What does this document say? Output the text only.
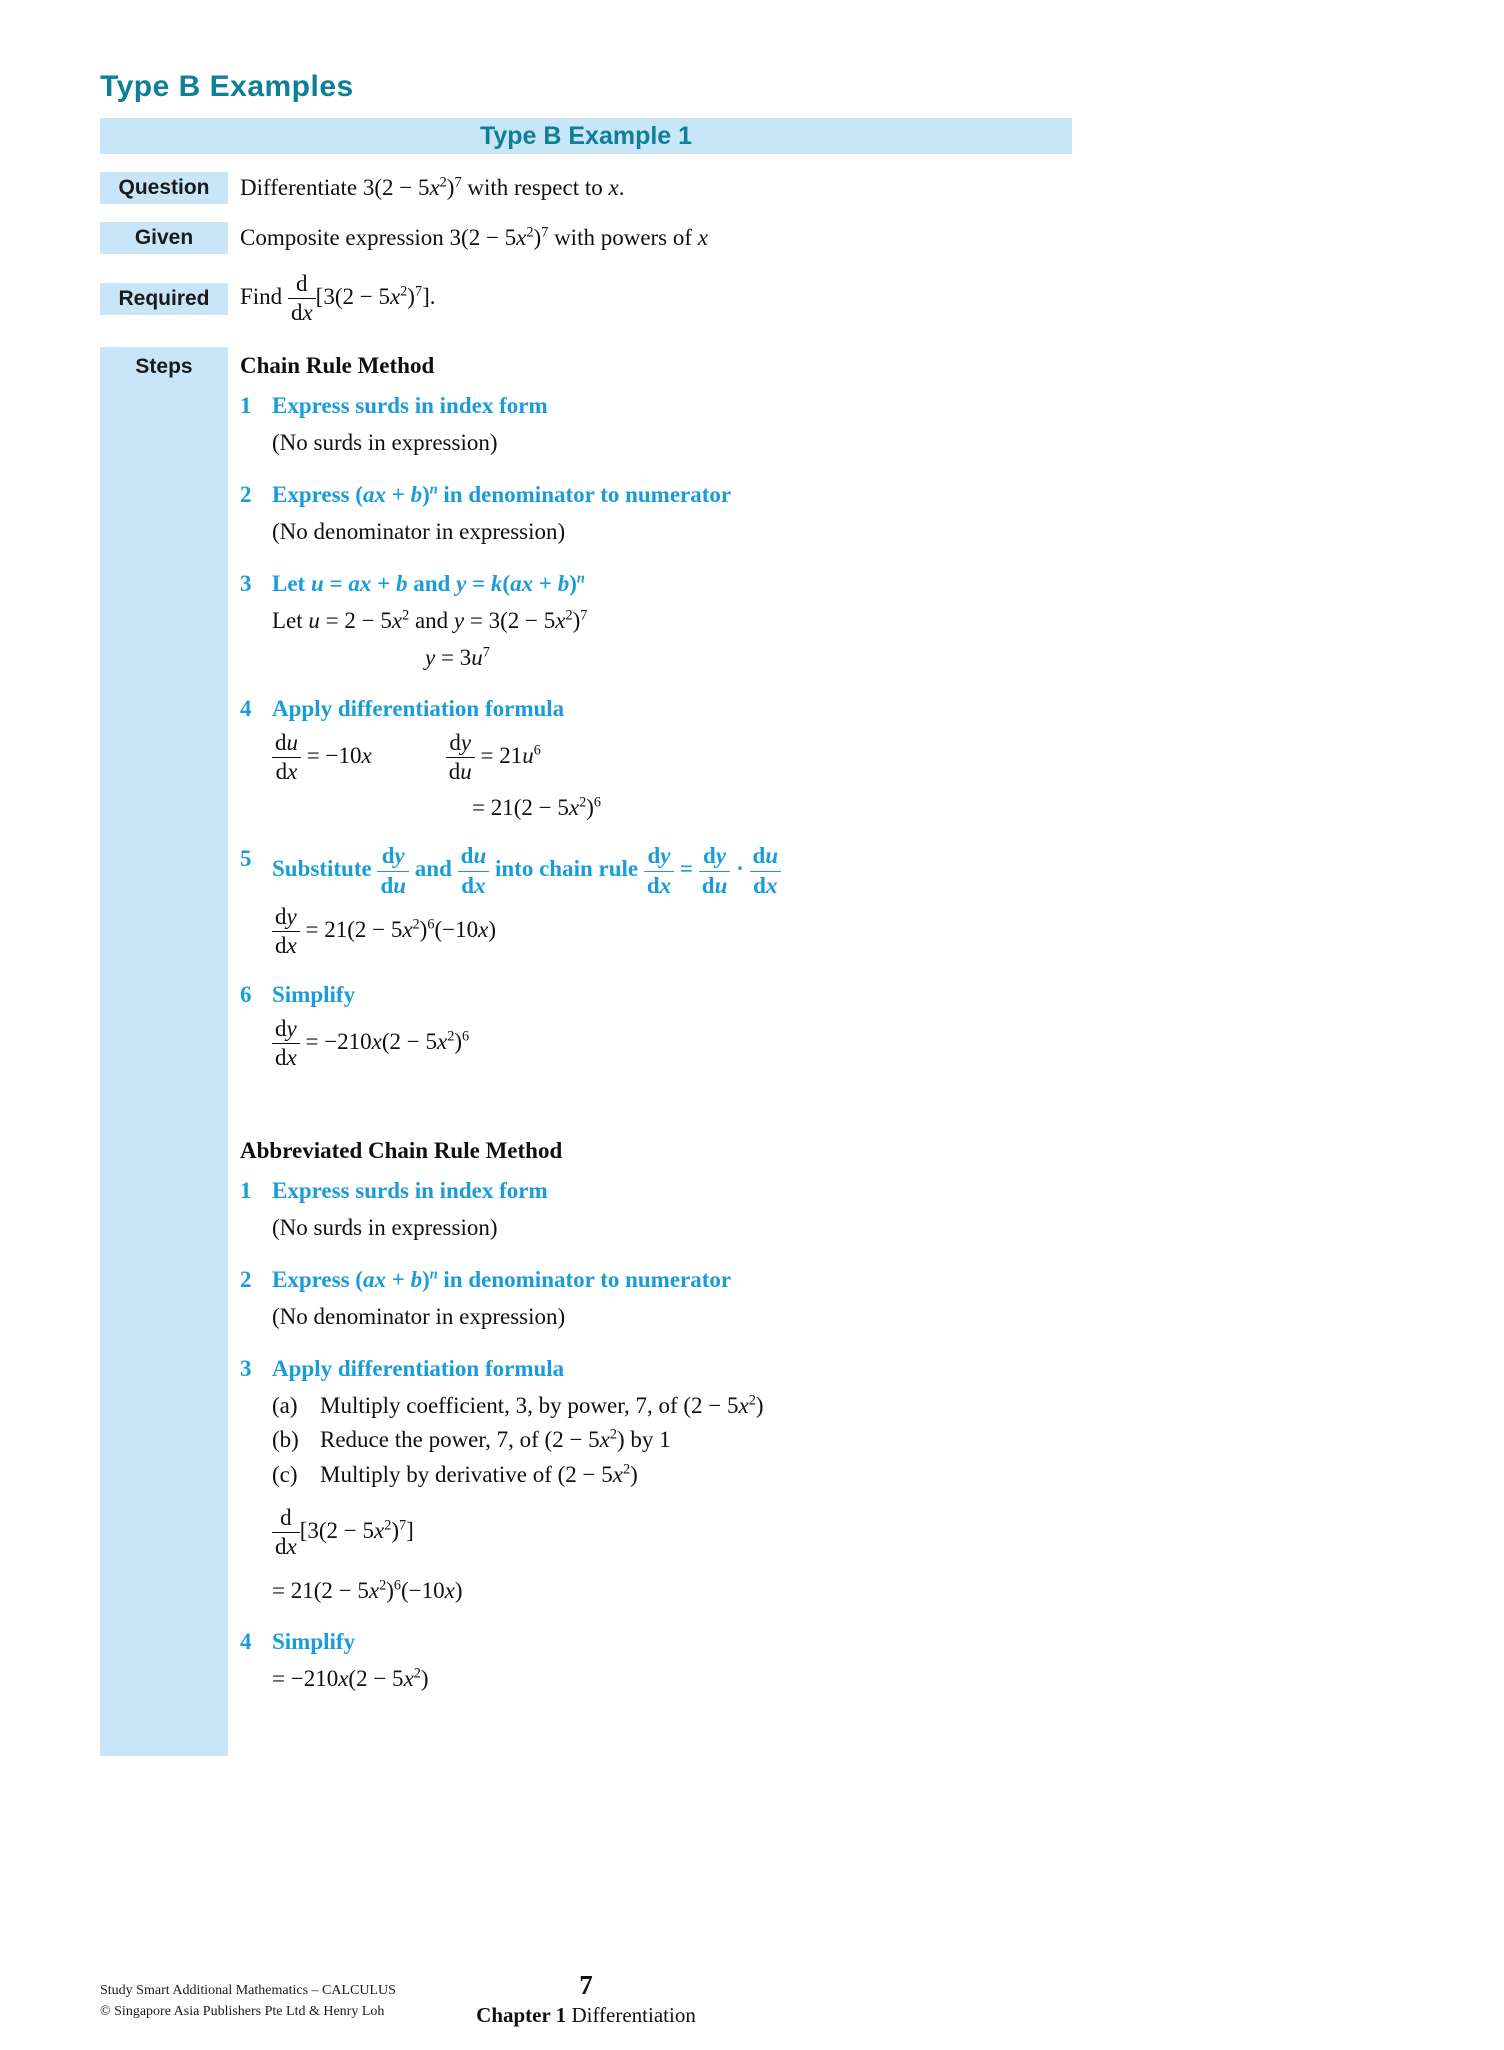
Type B Examples
Type B Example 1
Question	Differentiate $3(2 - 5x^2)^7$ with respect to x.
Given	Composite expression $3(2 - 5x^2)^7$ with powers of x
Required	Find $\frac{d}{dx} [3(2 - 5x^2)^7]$.
Steps	Chain Rule Method
1 Express surds in index form
(No surds in expression)
2 Express (ax + b)$^n$ in denominator to numerator
(No denominator in expression)
3 Let u = ax + b and y = k(ax + b)$^n$
Let $u = 2 - 5x^2$ and $y = 3(2 - 5x^2)^7$
$y = 3u^7$
4 Apply differentiation formula
$\frac{du}{dx} = -10x$	$\frac{dy}{du} = 21u^6$
= $21(2 - 5x^2)^6$
5 Substitute $\frac{dy}{du}$ and $\frac{du}{dx}$ into chain rule $\frac{dy}{dx} = \frac{dy}{du} \cdot \frac{du}{dx}$
$\frac{dy}{dx} = 21(2 - 5x^2)^6(-10x)$
6 Simplify
$\frac{dy}{dx} = -210x(2 - 5x^2)^6$
Abbreviated Chain Rule Method
1 Express surds in index form
(No surds in expression)
2 Express (ax + b)$^n$ in denominator to numerator
(No denominator in expression)
3 Apply differentiation formula
(a) Multiply coefficient, 3, by power, 7, of $(2 - 5x^2)$
(b) Reduce the power, 7, of $(2 - 5x^2)$ by 1
(c) Multiply by derivative of $(2 - 5x^2)$
$\frac{d}{dx} [3(2 - 5x^2)^7]$
= $21(2 - 5x^2)^6(-10x)$
4 Simplify
= $-210x(2 - 5x^2)$
Study Smart Additional Mathematics – CALCULUS
© Singapore Asia Publishers Pte Ltd & Henry Loh
7
Chapter 1 Differentiation
